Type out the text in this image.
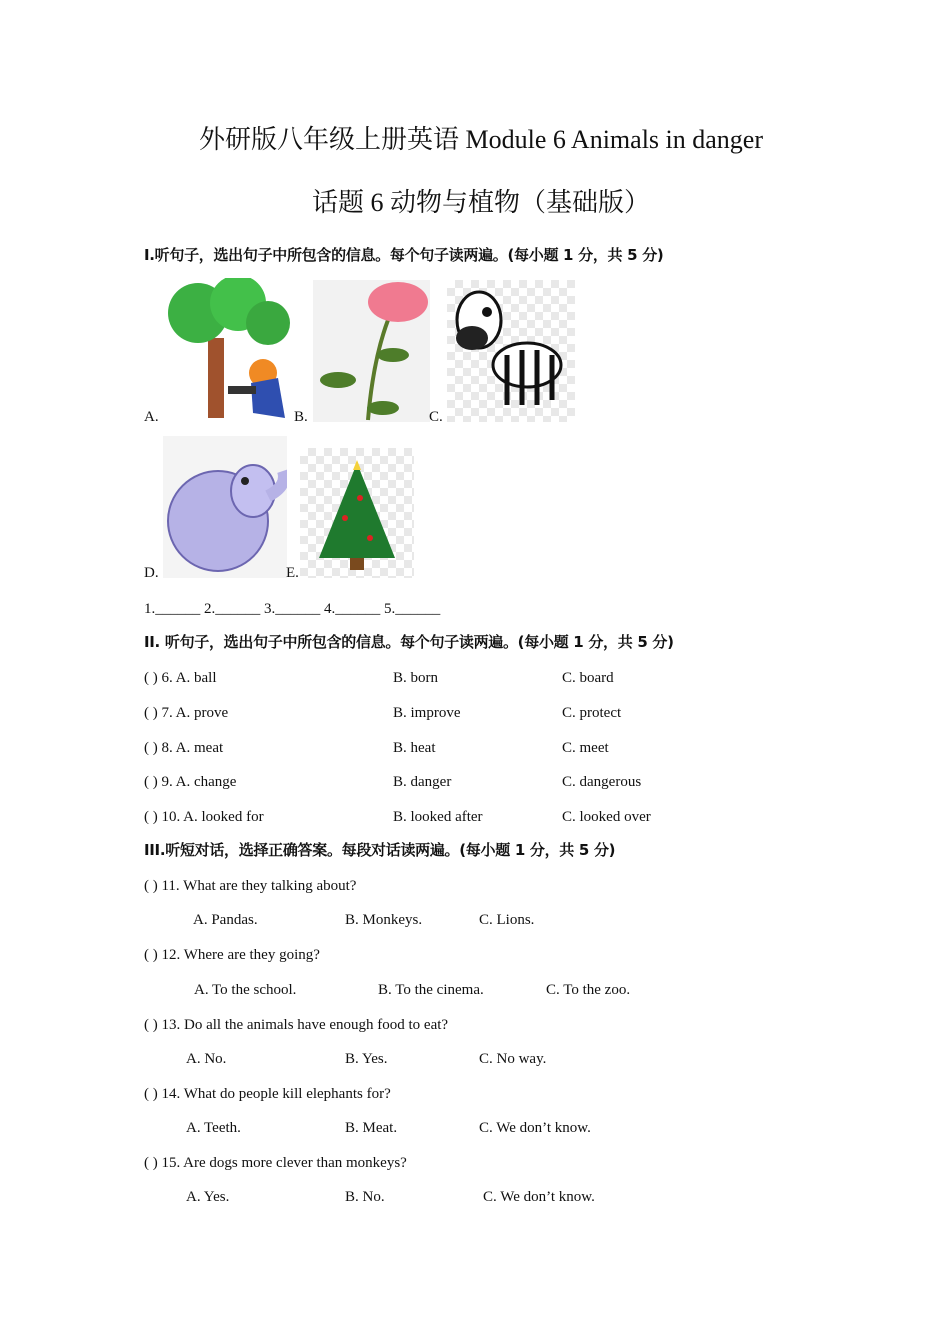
外研版八年级上册英语 Module 6 Animals in danger
话题 6 动物与植物（基础版）
I.听句子，选出句子中所包含的信息。每个句子读两遍。(每小题 1 分，共 5 分)
A.	B.	C.
D.	E.
1.______ 2.______ 3.______ 4.______ 5.______
II. 听句子，选出句子中所包含的信息。每个句子读两遍。(每小题 1 分，共 5 分)
( ) 6. A. ball	B. born	C. board
( ) 7. A. prove	B. improve	C. protect
( ) 8. A. meat	B. heat	C. meet
( ) 9. A. change	B. danger	C. dangerous
( ) 10. A. looked for	B. looked after	C. looked over
III.听短对话，选择正确答案。每段对话读两遍。(每小题 1 分，共 5 分)
( ) 11. What are they talking about?
A. Pandas.	B. Monkeys.	C. Lions.
( ) 12. Where are they going?
A. To the school.	B. To the cinema.	C. To the zoo.
( ) 13. Do all the animals have enough food to eat?
A. No.	B. Yes.	C. No way.
( ) 14. What do people kill elephants for?
A. Teeth.	B. Meat.	C. We don’t know.
( ) 15. Are dogs more clever than monkeys?
A. Yes.	B. No.	C. We don’t know.
